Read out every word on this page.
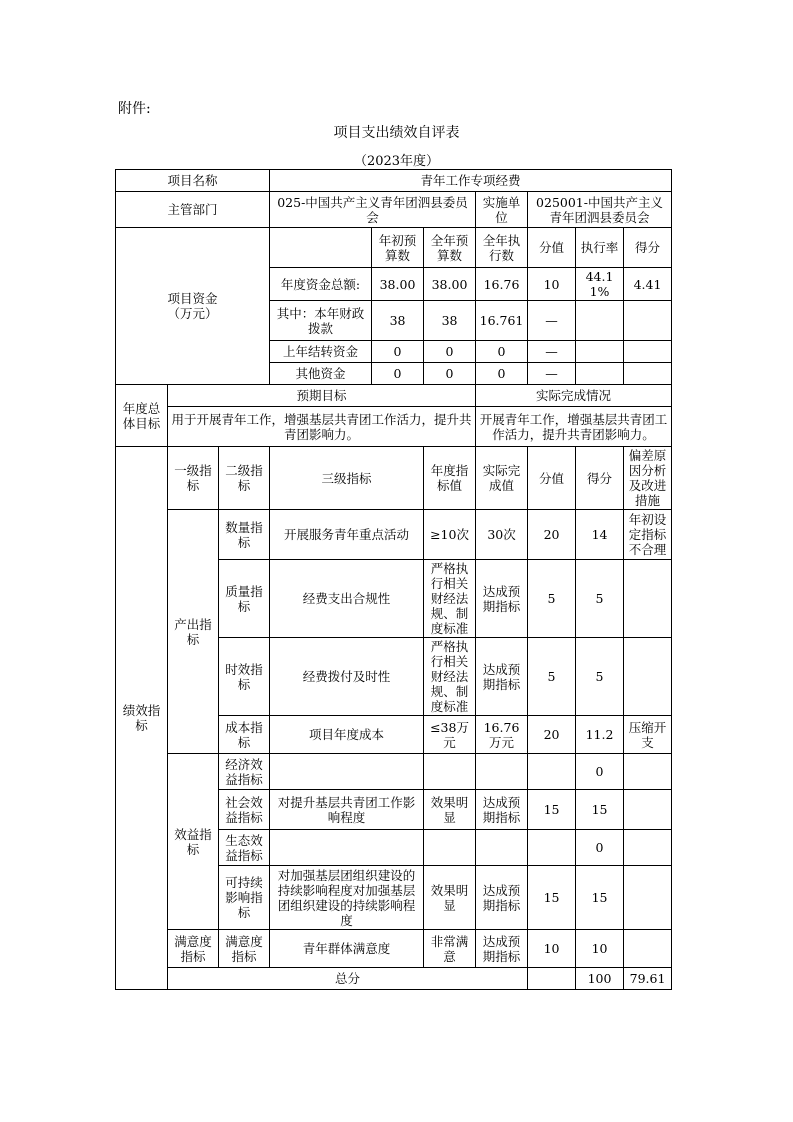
附件:
项目支出绩效自评表
（2023年度）
项目名称			青年工作专项经费							
主管部门			025-中国共产主义青年团泗县委员会			实施单位	025001-中国共产主义青年团泗县委员会			
项目资金（万元）				年初预算数	全年预算数	全年执行数	分值	执行率	得分	
			年度资金总额:	38.00	38.00	16.76	10	44.11%	4.41	
			其中：本年财政拨款	38	38	16.761	—			
			上年结转资金	0	0	0	—			
			其他资金	0	0	0	—			
年度总体目标	预期目标					实际完成情况				
	用于开展青年工作，增强基层共青团工作活力，提升共青团影响力。					开展青年工作，增强基层共青团工作活力，提升共青团影响力。				
绩效指标	一级指标	二级指标	三级指标		年度指标值	实际完成值	分值	得分	偏差原因分析及改进措施	
	产出指标	数量指标	开展服务青年重点活动		≥10次	30次	20	14	年初设定指标不合理	
		质量指标	经费支出合规性		严格执行相关财经法规、制度标准	达成预期指标	5	5		
		时效指标	经费拨付及时性		严格执行相关财经法规、制度标准	达成预期指标	5	5		
		成本指标	项目年度成本		≤38万元	16.76万元	20	11.2	压缩开支	
	效益指标	经济效益指标						0		
		社会效益指标	对提升基层共青团工作影响程度		效果明显	达成预期指标	15	15		
		生态效益指标						0		
		可持续影响指标	对加强基层团组织建设的持续影响程度对加强基层团组织建设的持续影响程度		效果明显	达成预期指标	15	15		
	满意度指标	满意度指标	青年群体满意度		非常满意	达成预期指标	10	10		
	总分							100	79.61	
